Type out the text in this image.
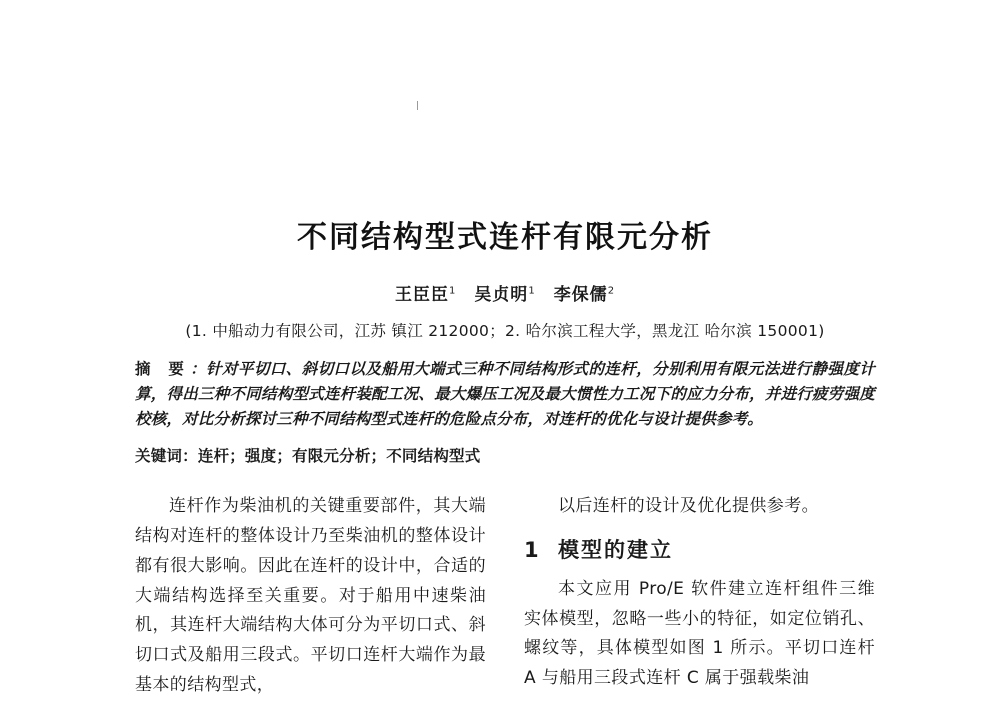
不同结构型式连杆有限元分析
王臣臣$^1$ 吴贞明$^1$ 李保儒$^2$
(1. 中船动力有限公司，江苏 镇江 212000；2. 哈尔滨工程大学，黑龙江 哈尔滨 150001)
摘 要：针对平切口、斜切口以及船用大端式三种不同结构形式的连杆，分别利用有限元法进行静强度计算，得出三种不同结构型式连杆装配工况、最大爆压工况及最大惯性力工况下的应力分布，并进行疲劳强度校核，对比分析探讨三种不同结构型式连杆的危险点分布，对连杆的优化与设计提供参考。
关键词：连杆；强度；有限元分析；不同结构型式

连杆作为柴油机的关键重要部件，其大端结构对连杆的整体设计乃至柴油机的整体设计都有很大影响。因此在连杆的设计中，合适的大端结构选择至关重要。对于船用中速柴油机，其连杆大端结构大体可分为平切口式、斜切口式及船用三段式。平切口连杆大端作为最基本的结构型式，

以后连杆的设计及优化提供参考。

1 模型的建立

本文应用 Pro/E 软件建立连杆组件三维实体模型，忽略一些小的特征，如定位销孔、螺纹等，具体模型如图 1 所示。平切口连杆 A 与船用三段式连杆 C 属于强载柴油
